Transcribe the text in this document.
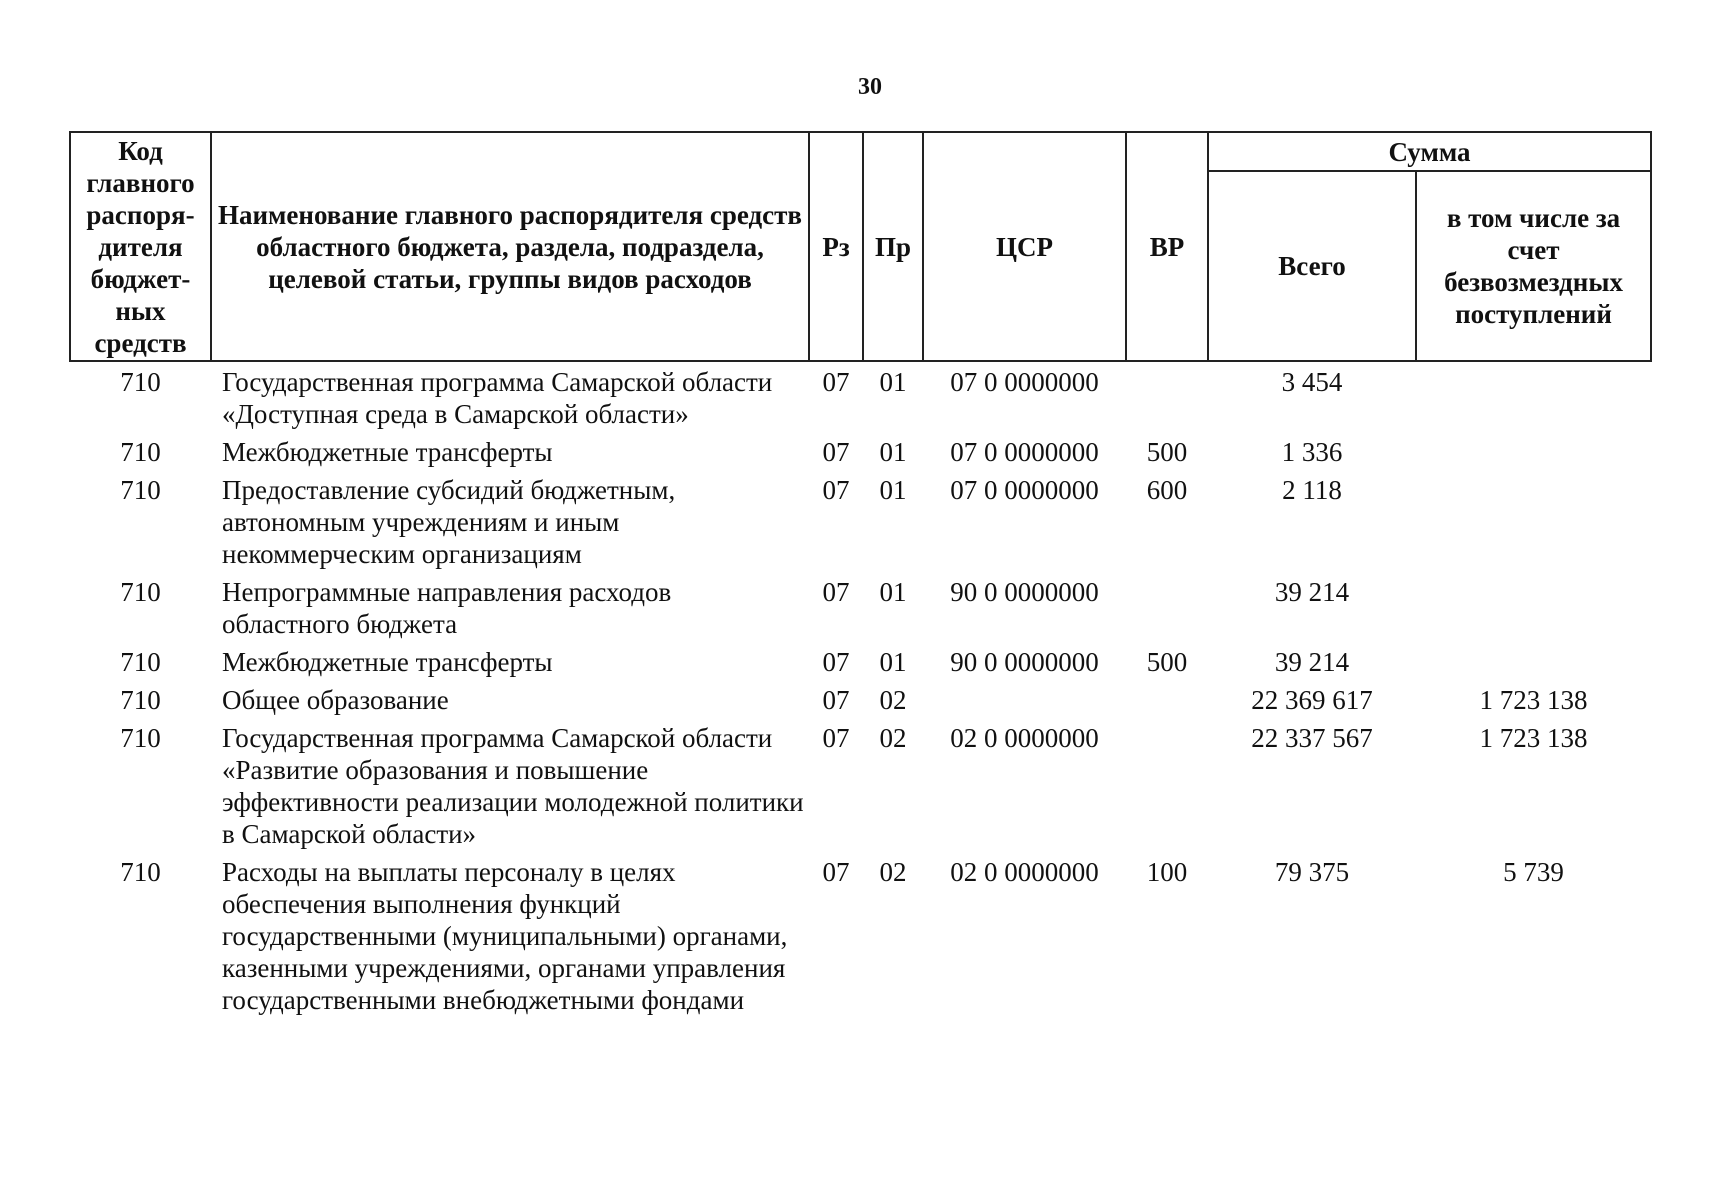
30
Код главного распоря-дителя бюджет-ных средств	Наименование главного распорядителя средств областного бюджета, раздела, подраздела, целевой статьи, группы видов расходов	Рз	Пр	ЦСР	ВР	Сумма	
						Всего	в том числе за счет безвозмездных поступлений
710	Государственная программа Самарской области «Доступная среда в Самарской области»	07	01	07 0 0000000		3 454	
710	Межбюджетные трансферты	07	01	07 0 0000000	500	1 336	
710	Предоставление субсидий бюджетным, автономным учреждениям и иным некоммерческим организациям	07	01	07 0 0000000	600	2 118	
710	Непрограммные направления расходов областного бюджета	07	01	90 0 0000000		39 214	
710	Межбюджетные трансферты	07	01	90 0 0000000	500	39 214	
710	Общее образование	07	02			22 369 617	1 723 138
710	Государственная программа Самарской области «Развитие образования и повышение эффективности реализации молодежной политики в Самарской области»	07	02	02 0 0000000		22 337 567	1 723 138
710	Расходы на выплаты персоналу в целях обеспечения выполнения функций государственными (муниципальными) органами, казенными учреждениями, органами управления государственными внебюджетными фондами	07	02	02 0 0000000	100	79 375	5 739
